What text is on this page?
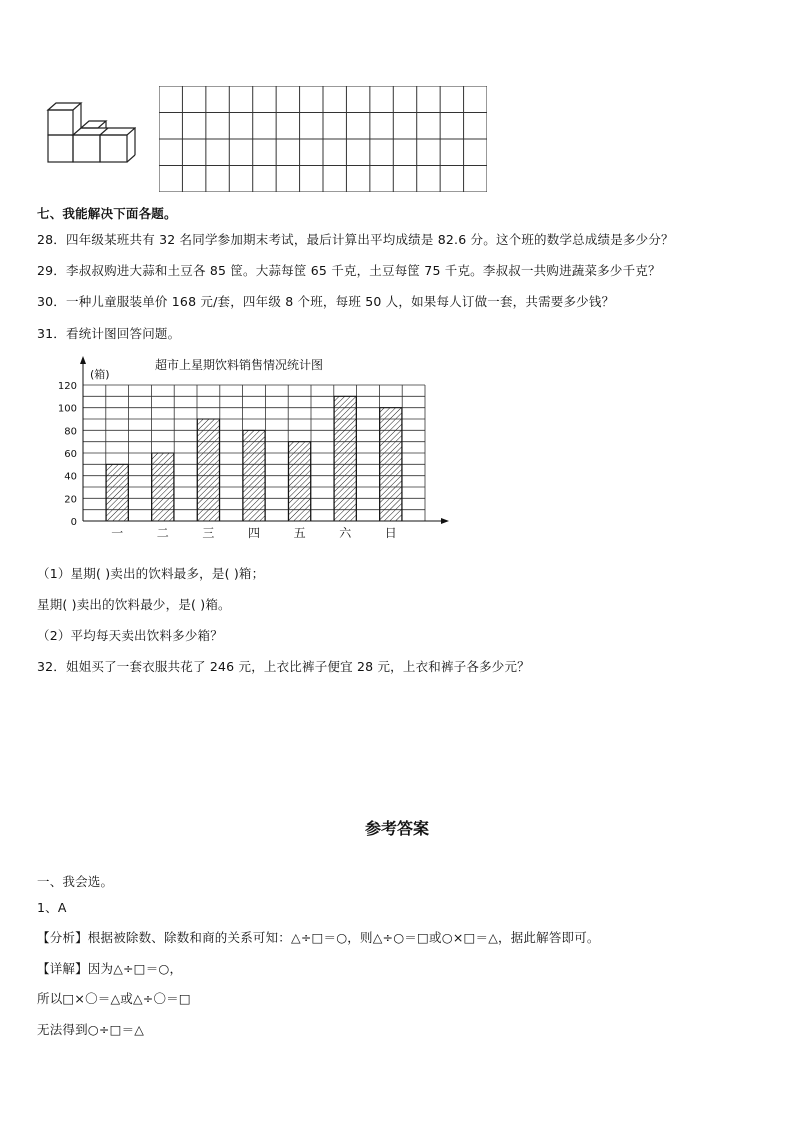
七、我能解决下面各题。
28．四年级某班共有 32 名同学参加期末考试，最后计算出平均成绩是 82.6 分。这个班的数学总成绩是多少分？
29．李叔叔购进大蒜和土豆各 85 筐。大蒜每筐 65 千克，土豆每筐 75 千克。李叔叔一共购进蔬菜多少千克？
30．一种儿童服装单价 168 元/套，四年级 8 个班，每班 50 人，如果每人订做一套，共需要多少钱？
31．看统计图回答问题。
超市上星期饮料销售情况统计图
(箱)
0
20
40
60
80
100
120
一	二	三	四	五	六	日
（1）星期( )卖出的饮料最多，是( )箱；
星期( )卖出的饮料最少，是( )箱。
（2）平均每天卖出饮料多少箱？
32．姐姐买了一套衣服共花了 246 元，上衣比裤子便宜 28 元，上衣和裤子各多少元？
参考答案
一、我会选。
1、A
【分析】根据被除数、除数和商的关系可知：△÷□＝○，则△÷○＝□或○×□＝△，据此解答即可。
【详解】因为△÷□＝○，
所以□×〇＝△或△÷〇＝□
无法得到○÷□＝△
